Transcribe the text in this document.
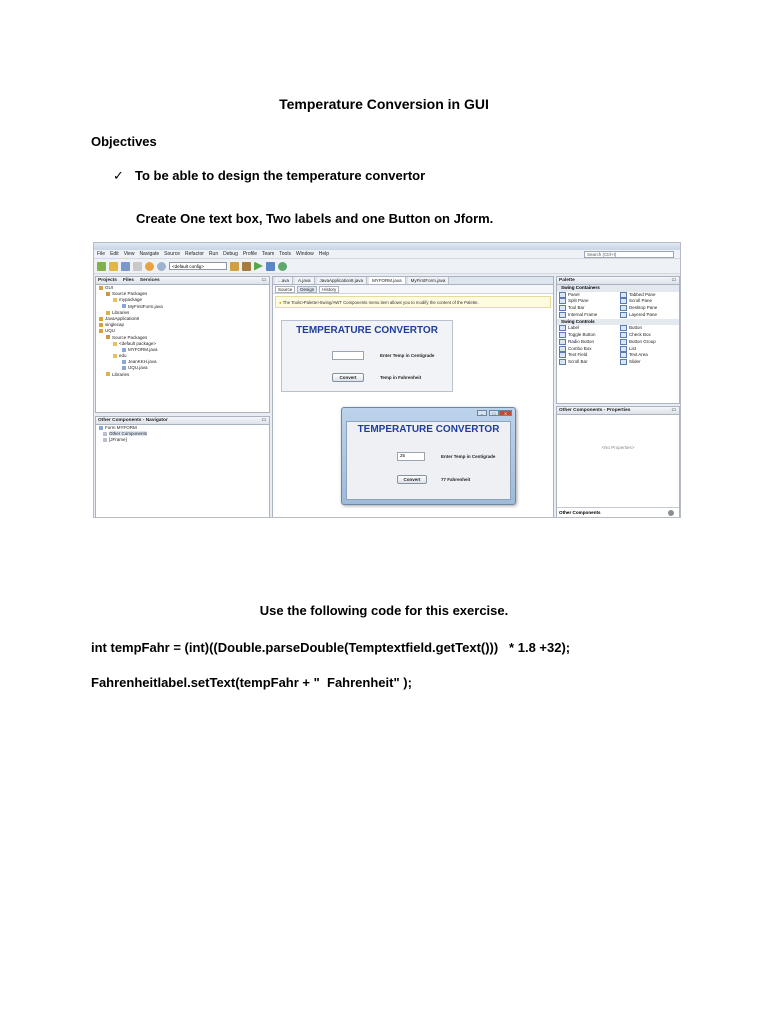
Temperature Conversion in GUI
Objectives
✓ To be able to design the temperature convertor
Create One text box, Two labels and one Button on Jform.
File Edit View Navigate Source Refactor Run Debug Profile Team Tools Window Help	Search (Ctrl+I)
<default config>
Projects Files Services	▭
GUI
Source Packages
mypackage
MyFirstForm.java
Libraries
JavaApplication8
singlecap
UQU
Source Packages
<default package>
MYFORM.java
edu
JeanKKH.java
UQU.java
Libraries
Other Components - Navigator	▭
Form MYFORM
Other Components
[JFrame]
...ava	A.java	JavaApplication8.java	MYFORM.java	MyFirstForm.java
Source	Design	History
● The Tools>Palette>Swing/AWT Components menu item allows you to modify the content of the Palette.
TEMPERATURE CONVERTOR
Enter Temp in Centigrade
Convert	Temp in Fahrenheit
–	□	✕
TEMPERATURE CONVERTOR
25	Enter Temp in Centigrade
Convert	77 Fahrenheit
Palette	▭
Swing Containers
Panel	Tabbed Pane
Split Pane	Scroll Pane
Tool Bar	Desktop Pane
Internal Frame	Layered Pane
Swing Controls
Label	Button
Toggle Button	Check Box
Radio Button	Button Group
Combo Box	List
Text Field	Text Area
Scroll Bar	Slider
Other Components - Properties	▭
<No Properties>
Other Components
Use the following code for this exercise.
int tempFahr = (int)((Double.parseDouble(Temptextfield.getText()))   * 1.8 +32);
Fahrenheitlabel.setText(tempFahr + "  Fahrenheit" );
